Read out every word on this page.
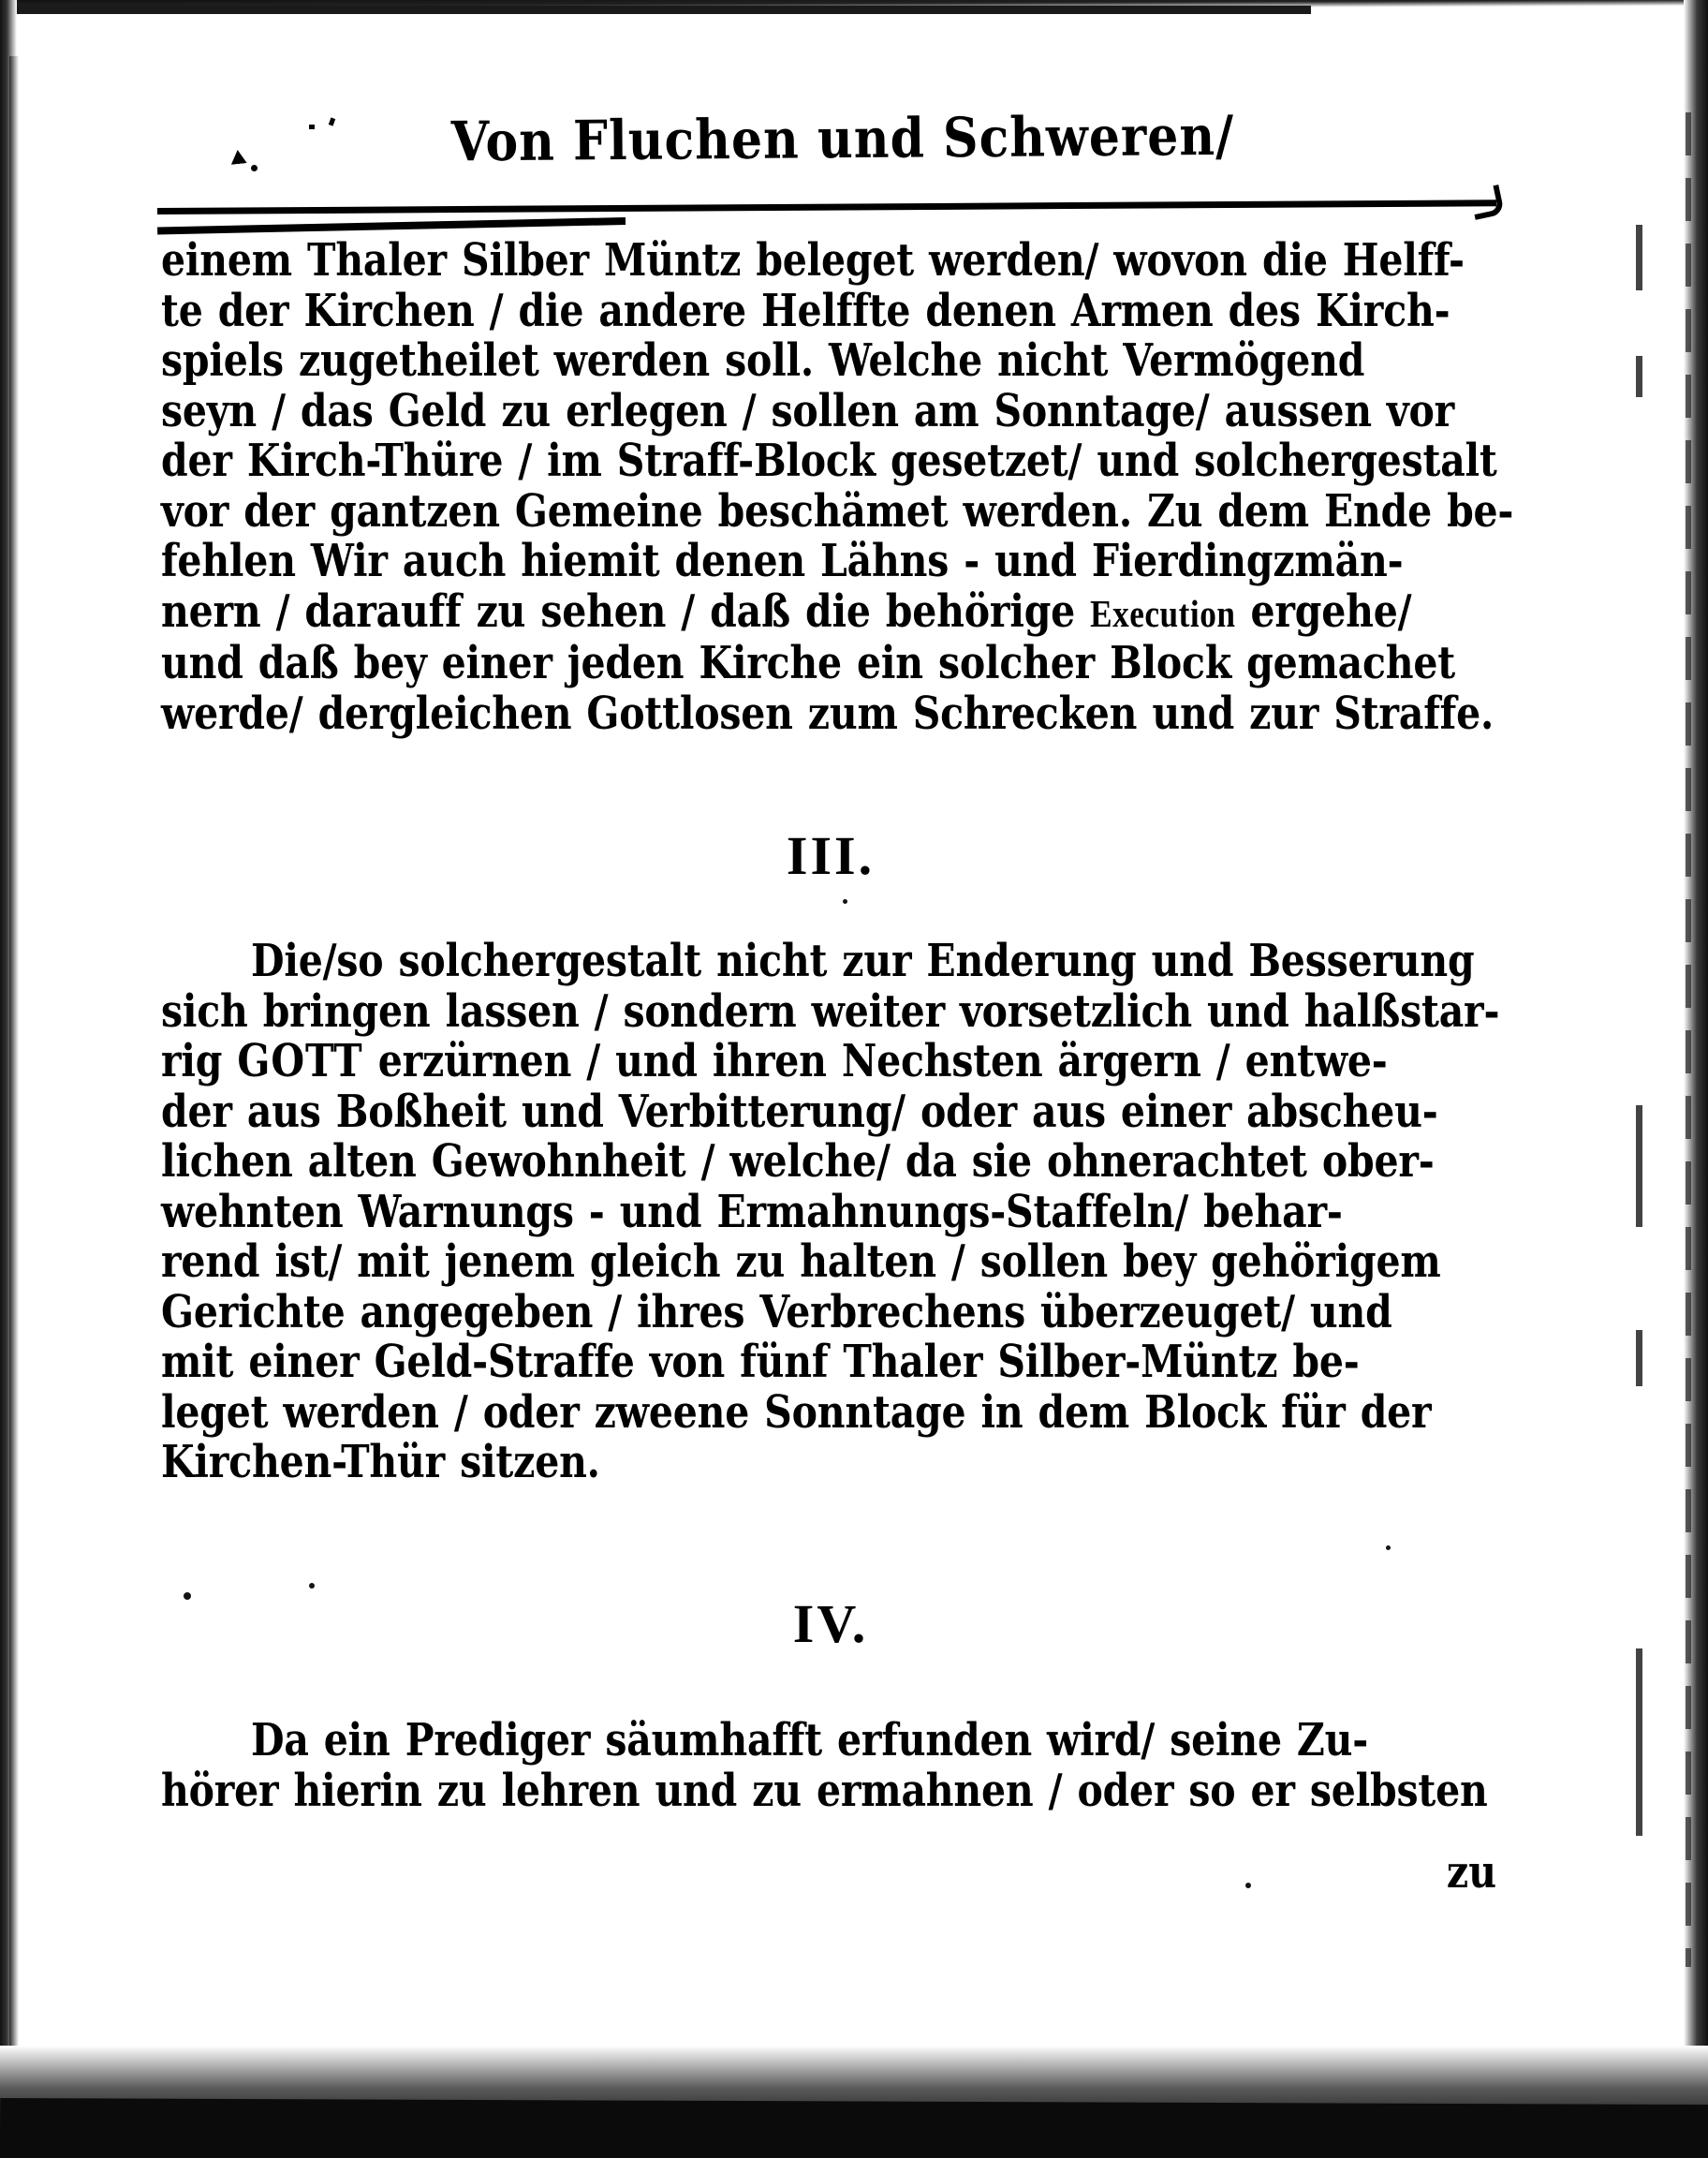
Von Fluchen und Schweren/
einem Thaler Silber Müntz beleget werden/ wovon die Helff-
te der Kirchen / die andere Helffte denen Armen des Kirch-
spiels zugetheilet werden soll. Welche nicht Vermögend
seyn / das Geld zu erlegen / sollen am Sonntage/ aussen vor
der Kirch-Thüre / im Straff-Block gesetzet/ und solchergestalt
vor der gantzen Gemeine beschämet werden. Zu dem Ende be-
fehlen Wir auch hiemit denen Lähns - und Fierdingzmän-
nern / darauff zu sehen / daß die behörige Execution ergehe/
und daß bey einer jeden Kirche ein solcher Block gemachet
werde/ dergleichen Gottlosen zum Schrecken und zur Straffe.
III.
Die/so solchergestalt nicht zur Enderung und Besserung
sich bringen lassen / sondern weiter vorsetzlich und halßstar-
rig GOTT erzürnen / und ihren Nechsten ärgern / entwe-
der aus Boßheit und Verbitterung/ oder aus einer abscheu-
lichen alten Gewohnheit / welche/ da sie ohnerachtet ober-
wehnten Warnungs - und Ermahnungs-Staffeln/ behar-
rend ist/ mit jenem gleich zu halten / sollen bey gehörigem
Gerichte angegeben / ihres Verbrechens überzeuget/ und
mit einer Geld-Straffe von fünf Thaler Silber-Müntz be-
leget werden / oder zweene Sonntage in dem Block für der
Kirchen-Thür sitzen.
IV.
Da ein Prediger säumhafft erfunden wird/ seine Zu-
hörer hierin zu lehren und zu ermahnen / oder so er selbsten
zu
